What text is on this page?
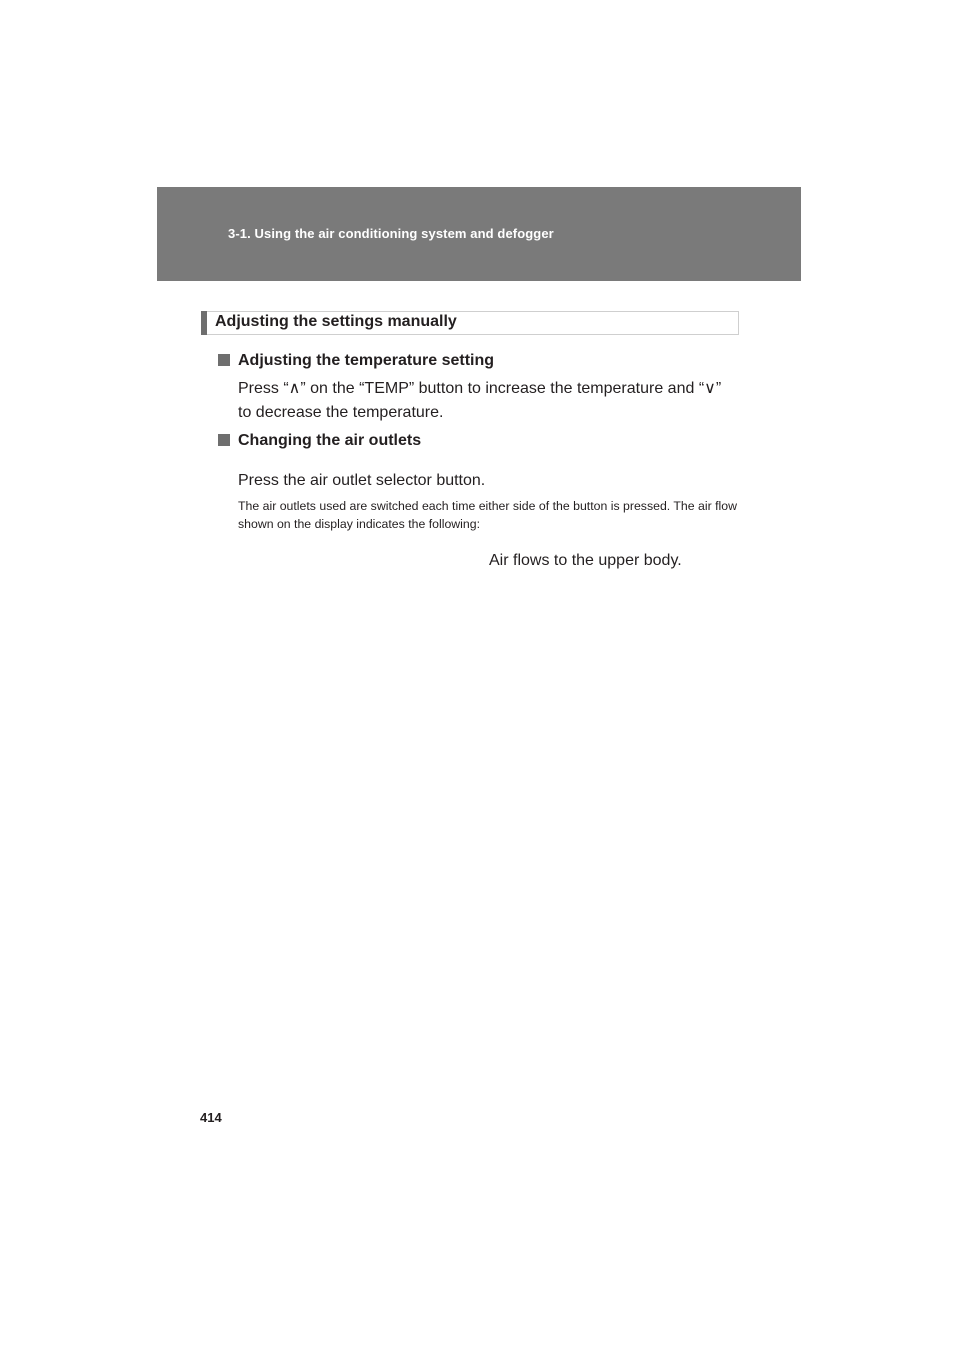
3-1. Using the air conditioning system and defogger
Adjusting the settings manually
Adjusting the temperature setting
Press “∧” on the “TEMP” button to increase the temperature and “∨”
to decrease the temperature.
Changing the air outlets
Press the air outlet selector button.
The air outlets used are switched each time either side of the button is pressed. The air flow shown on the display indicates the following:
Air flows to the upper body.
414
